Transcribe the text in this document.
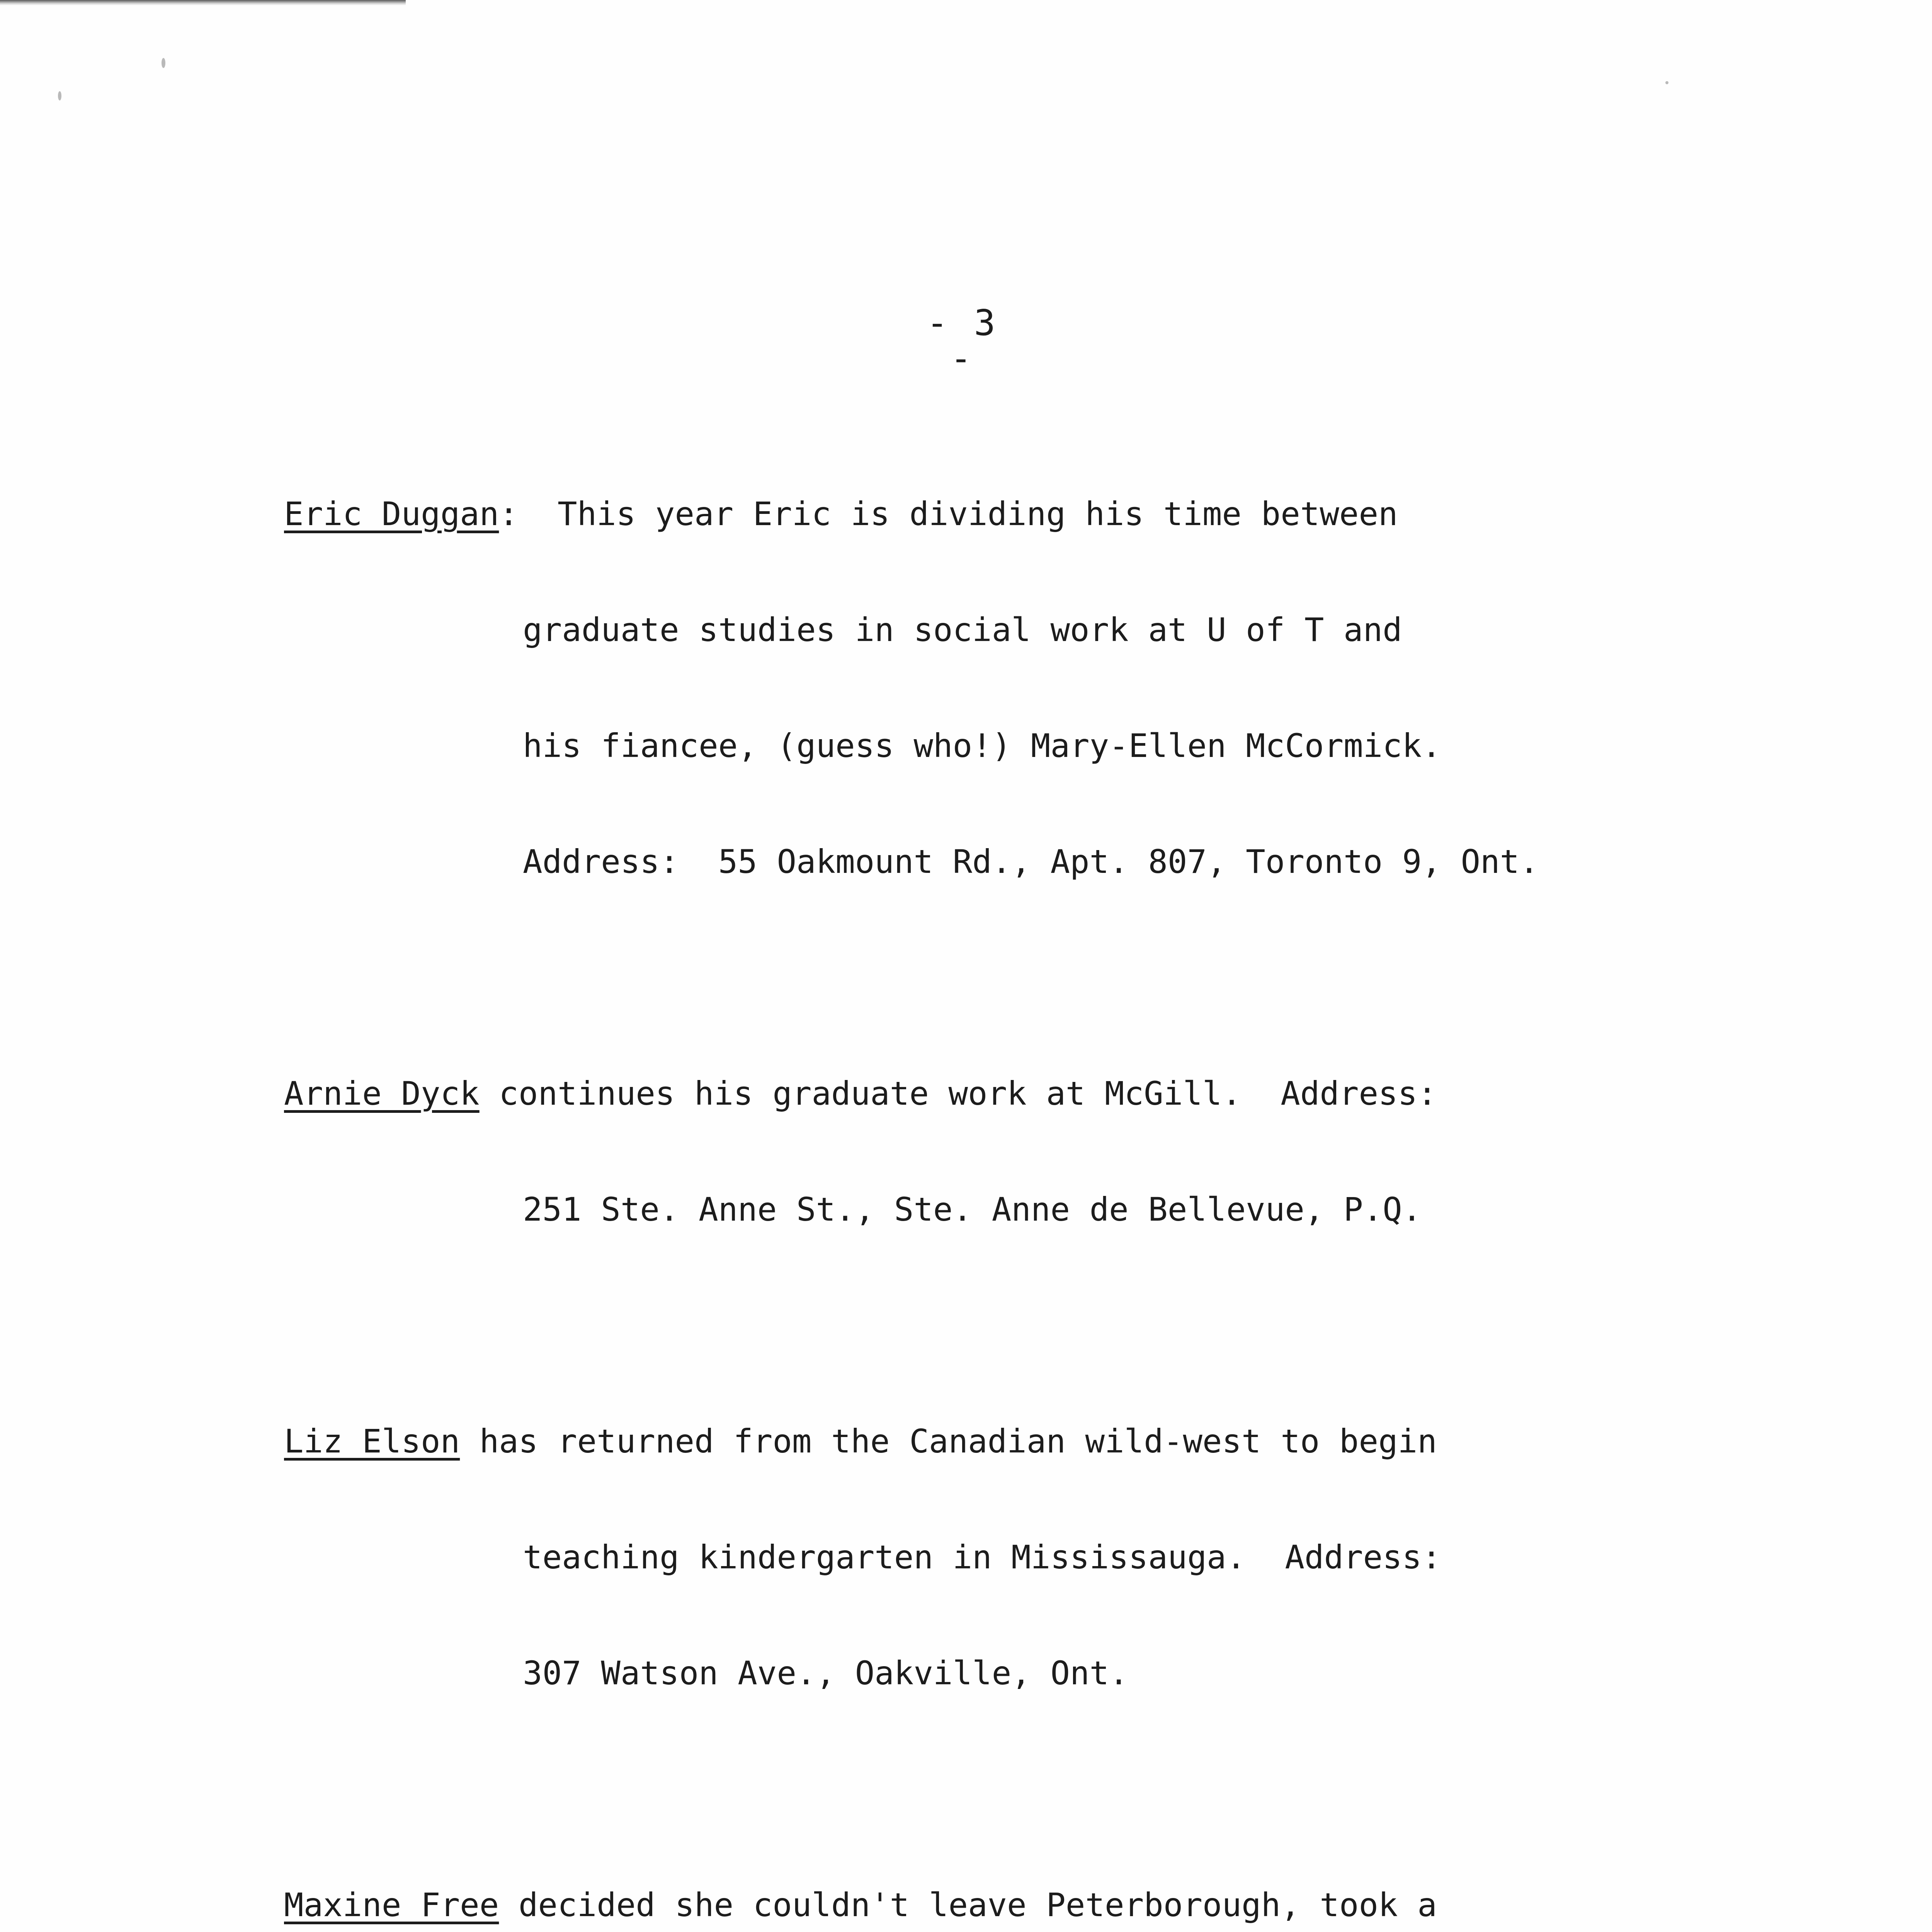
- 3 -

Eric Duggan:  This year Eric is dividing his time between

graduate studies in social work at U of T and

his fiancee, (guess who!) Mary-Ellen McCormick.

Address:  55 Oakmount Rd., Apt. 807, Toronto 9, Ont.

Arnie Dyck continues his graduate work at McGill.  Address:

251 Ste. Anne St., Ste. Anne de Bellevue, P.Q.

Liz Elson has returned from the Canadian wild-west to begin

teaching kindergarten in Mississauga.  Address:

307 Watson Ave., Oakville, Ont.

Maxine Free decided she couldn't leave Peterborough, took a
